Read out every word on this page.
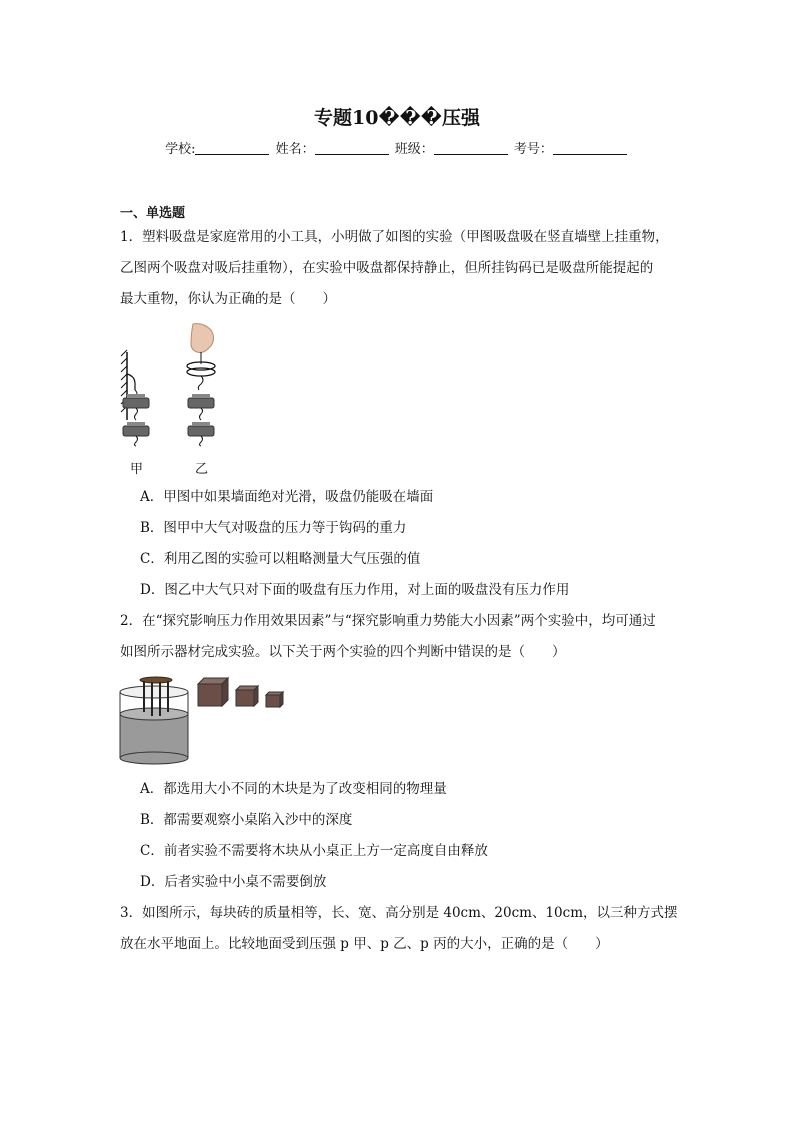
专题10���压强
学校:	姓名：	班级：	考号：
一、单选题
1．塑料吸盘是家庭常用的小工具，小明做了如图的实验（甲图吸盘吸在竖直墙壁上挂重物，
乙图两个吸盘对吸后挂重物），在实验中吸盘都保持静止，但所挂钩码已是吸盘所能提起的
最大重物，你认为正确的是（　　）
甲	乙
A．甲图中如果墙面绝对光滑，吸盘仍能吸在墙面
B．图甲中大气对吸盘的压力等于钩码的重力
C．利用乙图的实验可以粗略测量大气压强的值
D．图乙中大气只对下面的吸盘有压力作用，对上面的吸盘没有压力作用
2．在“探究影响压力作用效果因素”与“探究影响重力势能大小因素”两个实验中，均可通过
如图所示器材完成实验。以下关于两个实验的四个判断中错误的是（　　）
A．都选用大小不同的木块是为了改变相同的物理量
B．都需要观察小桌陷入沙中的深度
C．前者实验不需要将木块从小桌正上方一定高度自由释放
D．后者实验中小桌不需要倒放
3．如图所示，每块砖的质量相等，长、宽、高分别是 40cm、20cm、10cm，以三种方式摆
放在水平地面上。比较地面受到压强 p 甲、p 乙、p 丙的大小，正确的是（　　）
